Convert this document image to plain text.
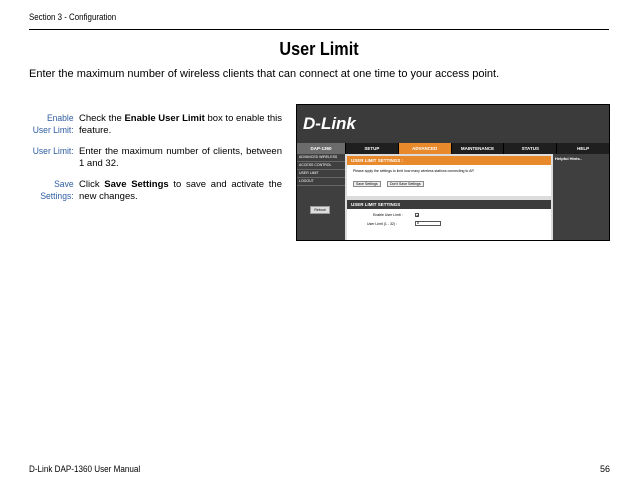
Section 3 - Configuration
User Limit
Enter the maximum number of wireless clients that can connect at one time to your access point.
Enable User Limit:
Check the Enable User Limit box to enable this feature.
User Limit: Enter the maximum number of clients, between 1 and 32.
Save Settings:
Click Save Settings to save and activate the new changes.
D-Link
DAP-1360	SETUP	ADVANCED	MAINTENANCE	STATUS	HELP
ADVANCED WIRELESS
ACCESS CONTROL
USER LIMIT
LOGOUT
Reboot
USER LIMIT SETTINGS :
Please apply the settings to limit how many wireless stations connecting to AP.
Save Settings	Don't Save Settings
USER LIMIT SETTINGS
Enable User Limit :	✔
User Limit (1 - 32) :	8
Helpful Hints..
D-Link DAP-1360 User Manual	56
